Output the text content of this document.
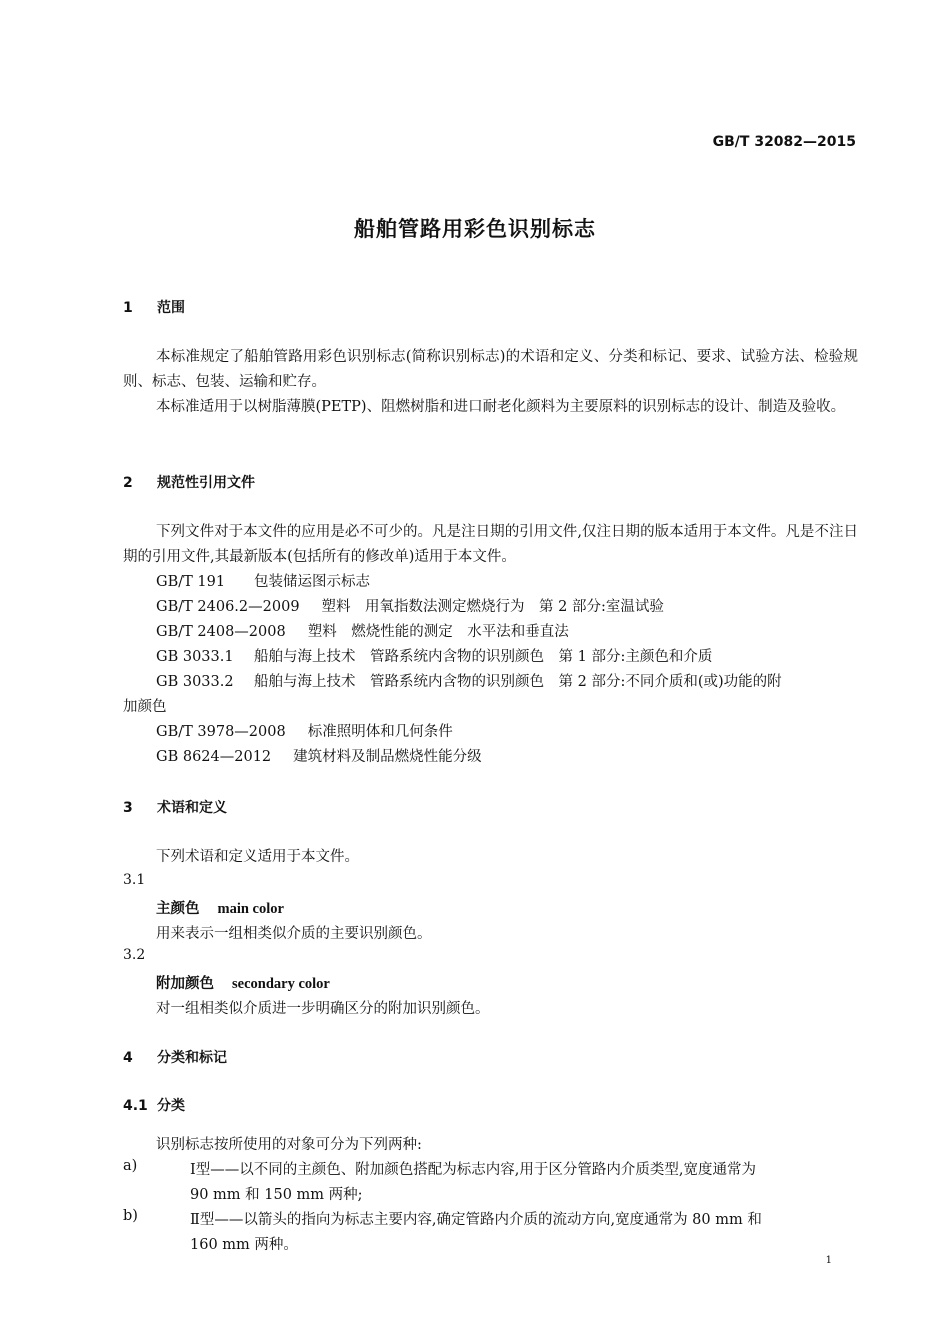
GB/T 32082—2015
船舶管路用彩色识别标志
1 范围
本标准规定了船舶管路用彩色识别标志(简称识别标志)的术语和定义、分类和标记、要求、试验方法、检验规则、标志、包装、运输和贮存。
本标准适用于以树脂薄膜(PETP)、阻燃树脂和进口耐老化颜料为主要原料的识别标志的设计、制造及验收。
2 规范性引用文件
下列文件对于本文件的应用是必不可少的。凡是注日期的引用文件,仅注日期的版本适用于本文件。凡是不注日期的引用文件,其最新版本(包括所有的修改单)适用于本文件。
GB/T 191 包装储运图示标志
GB/T 2406.2—2009 塑料　用氧指数法测定燃烧行为　第 2 部分:室温试验
GB/T 2408—2008 塑料　燃烧性能的测定　水平法和垂直法
GB 3033.1 船舶与海上技术　管路系统内含物的识别颜色　第 1 部分:主颜色和介质
GB 3033.2 船舶与海上技术　管路系统内含物的识别颜色　第 2 部分:不同介质和(或)功能的附
加颜色
GB/T 3978—2008 标准照明体和几何条件
GB 8624—2012 建筑材料及制品燃烧性能分级
3 术语和定义
下列术语和定义适用于本文件。
3.1
主颜色 main color
用来表示一组相类似介质的主要识别颜色。
3.2
附加颜色 secondary color
对一组相类似介质进一步明确区分的附加识别颜色。
4 分类和标记
4.1 分类
识别标志按所使用的对象可分为下列两种:
a)	Ⅰ型——以不同的主颜色、附加颜色搭配为标志内容,用于区分管路内介质类型,宽度通常为
90 mm 和 150 mm 两种;
b)	Ⅱ型——以箭头的指向为标志主要内容,确定管路内介质的流动方向,宽度通常为 80 mm 和
160 mm 两种。
1
